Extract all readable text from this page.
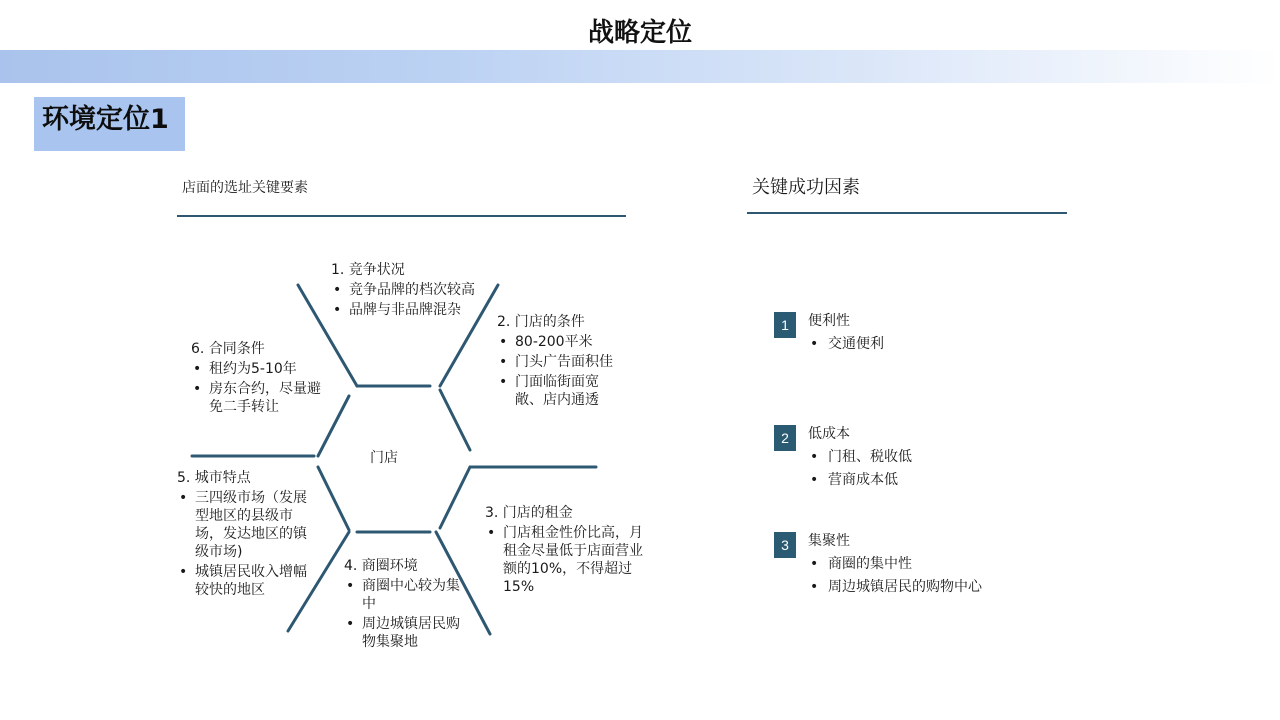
战略定位
环境定位1
店面的选址关键要素	关键成功因素
门店
1. 竞争状况
• 竞争品牌的档次较高
• 品牌与非品牌混杂
2. 门店的条件
• 80-200平米
• 门头广告面积佳
• 门面临街面宽敞、店内通透
3. 门店的租金
• 门店租金性价比高，月租金尽量低于店面营业额的10%，不得超过15%
4. 商圈环境
• 商圈中心较为集中
• 周边城镇居民购物集聚地
5. 城市特点
• 三四级市场（发展型地区的县级市场，发达地区的镇级市场)
• 城镇居民收入增幅较快的地区
6. 合同条件
• 租约为5-10年
• 房东合约，尽量避免二手转让
1	便利性
• 交通便利
2	低成本
• 门租、税收低
• 营商成本低
3	集聚性
• 商圈的集中性
• 周边城镇居民的购物中心
